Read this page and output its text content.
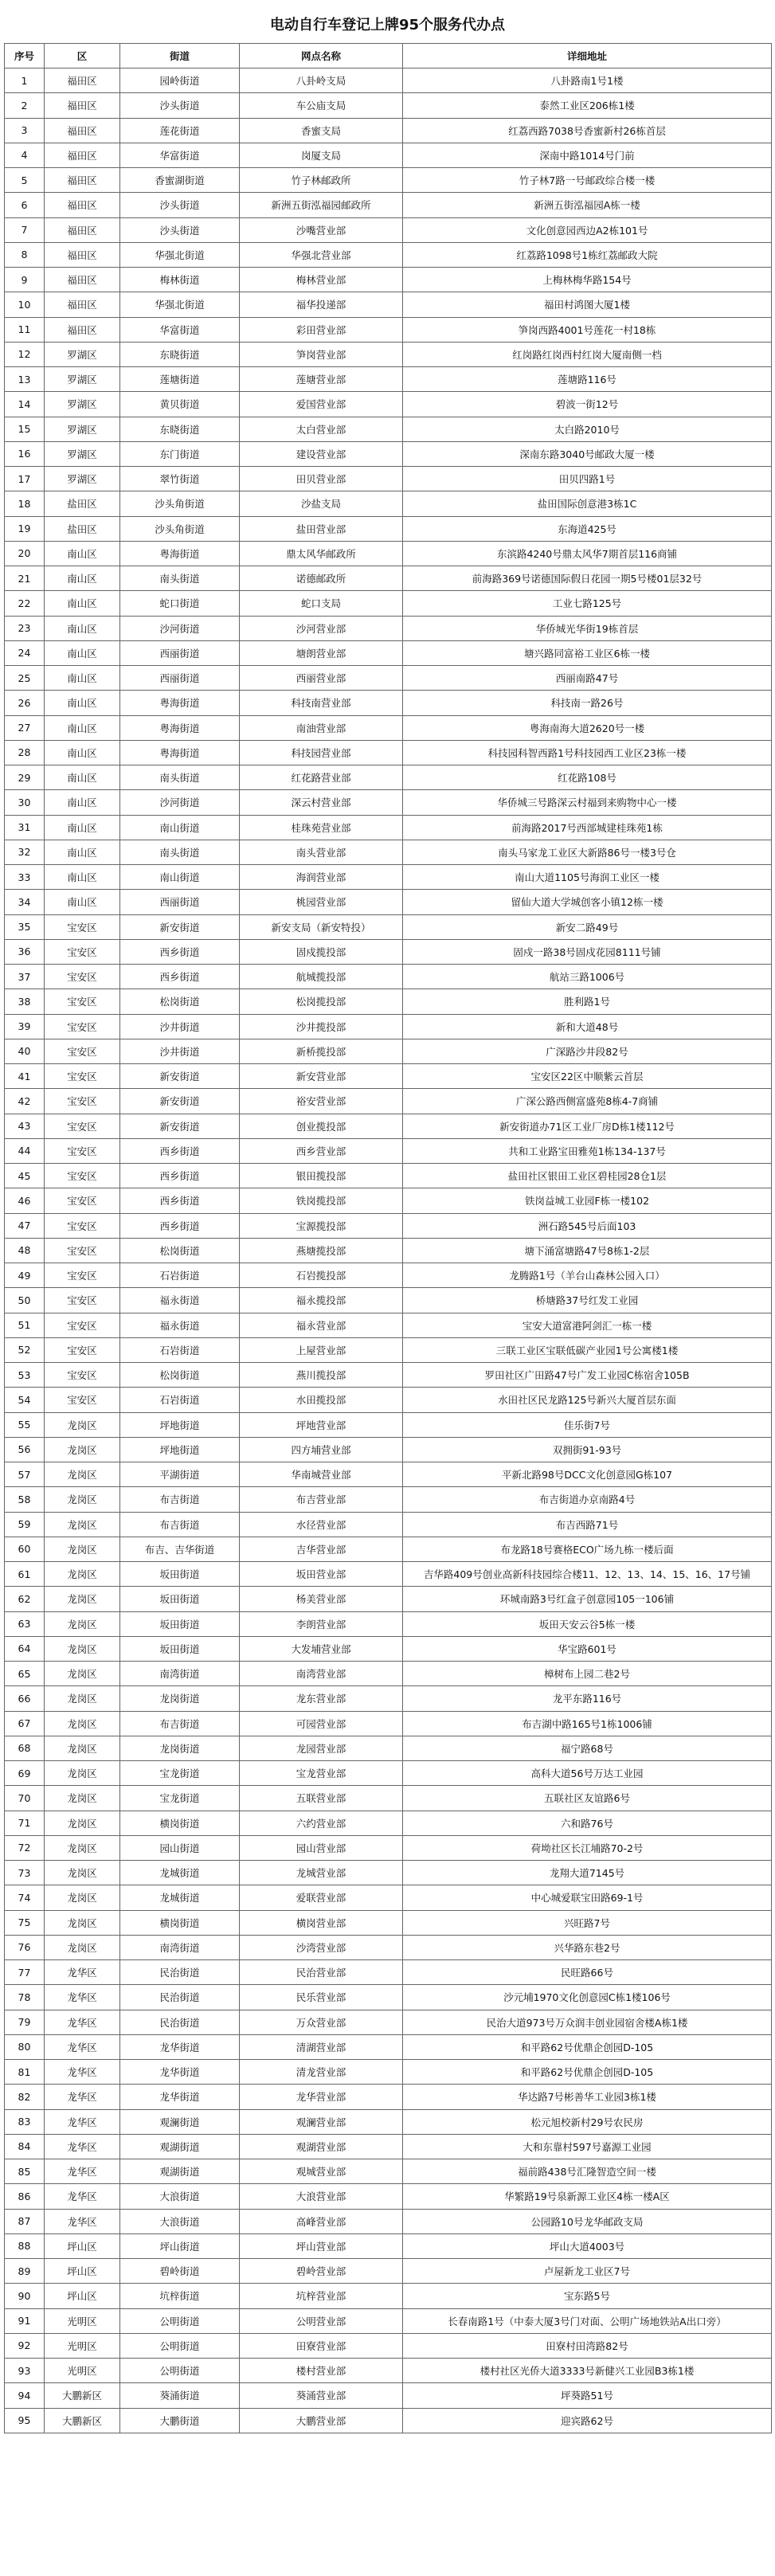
电动自行车登记上牌95个服务代办点
序号	区	街道	网点名称	详细地址
1	福田区	园岭街道	八卦岭支局	八卦路南1号1楼
2	福田区	沙头街道	车公庙支局	泰然工业区206栋1楼
3	福田区	莲花街道	香蜜支局	红荔西路7038号香蜜新村26栋首层
4	福田区	华富街道	岗厦支局	深南中路1014号门前
5	福田区	香蜜湖街道	竹子林邮政所	竹子林7路一号邮政综合楼一楼
6	福田区	沙头街道	新洲五街泓福园邮政所	新洲五街泓福园A栋一楼
7	福田区	沙头街道	沙嘴营业部	文化创意园西边A2栋101号
8	福田区	华强北街道	华强北营业部	红荔路1098号1栋红荔邮政大院
9	福田区	梅林街道	梅林营业部	上梅林梅华路154号
10	福田区	华强北街道	福华投递部	福田村鸿图大厦1楼
11	福田区	华富街道	彩田营业部	笋岗西路4001号莲花一村18栋
12	罗湖区	东晓街道	笋岗营业部	红岗路红岗西村红岗大厦南侧一档
13	罗湖区	莲塘街道	莲塘营业部	莲塘路116号
14	罗湖区	黄贝街道	爱国营业部	碧波一街12号
15	罗湖区	东晓街道	太白营业部	太白路2010号
16	罗湖区	东门街道	建设营业部	深南东路3040号邮政大厦一楼
17	罗湖区	翠竹街道	田贝营业部	田贝四路1号
18	盐田区	沙头角街道	沙盐支局	盐田国际创意港3栋1C
19	盐田区	沙头角街道	盐田营业部	东海道425号
20	南山区	粤海街道	鼎太风华邮政所	东滨路4240号鼎太风华7期首层116商铺
21	南山区	南头街道	诺德邮政所	前海路369号诺德国际假日花园一期5号楼01层32号
22	南山区	蛇口街道	蛇口支局	工业七路125号
23	南山区	沙河街道	沙河营业部	华侨城光华街19栋首层
24	南山区	西丽街道	塘朗营业部	塘兴路同富裕工业区6栋一楼
25	南山区	西丽街道	西丽营业部	西丽南路47号
26	南山区	粤海街道	科技南营业部	科技南一路26号
27	南山区	粤海街道	南油营业部	粤海南海大道2620号一楼
28	南山区	粤海街道	科技园营业部	科技园科智西路1号科技园西工业区23栋一楼
29	南山区	南头街道	红花路营业部	红花路108号
30	南山区	沙河街道	深云村营业部	华侨城三号路深云村福到来购物中心一楼
31	南山区	南山街道	桂珠苑营业部	前海路2017号西部城建桂珠苑1栋
32	南山区	南头街道	南头营业部	南头马家龙工业区大新路86号一楼3号仓
33	南山区	南山街道	海润营业部	南山大道1105号海润工业区一楼
34	南山区	西丽街道	桃园营业部	留仙大道大学城创客小镇12栋一楼
35	宝安区	新安街道	新安支局（新安特投）	新安二路49号
36	宝安区	西乡街道	固戍揽投部	固戍一路38号固戍花园8111号铺
37	宝安区	西乡街道	航城揽投部	航站三路1006号
38	宝安区	松岗街道	松岗揽投部	胜利路1号
39	宝安区	沙井街道	沙井揽投部	新和大道48号
40	宝安区	沙井街道	新桥揽投部	广深路沙井段82号
41	宝安区	新安街道	新安营业部	宝安区22区中顺紫云首层
42	宝安区	新安街道	裕安营业部	广深公路西侧富盛苑8栋4-7商铺
43	宝安区	新安街道	创业揽投部	新安街道办71区工业厂房D栋1楼112号
44	宝安区	西乡街道	西乡营业部	共和工业路宝田雅苑1栋134-137号
45	宝安区	西乡街道	银田揽投部	盐田社区银田工业区碧桂园28仓1层
46	宝安区	西乡街道	铁岗揽投部	铁岗益城工业园F栋一楼102
47	宝安区	西乡街道	宝源揽投部	洲石路545号后面103
48	宝安区	松岗街道	燕塘揽投部	塘下涌富塘路47号8栋1-2层
49	宝安区	石岩街道	石岩揽投部	龙腾路1号（羊台山森林公园入口）
50	宝安区	福永街道	福永揽投部	桥塘路37号红发工业园
51	宝安区	福永街道	福永营业部	宝安大道富港阿剑汇一栋一楼
52	宝安区	石岩街道	上屋营业部	三联工业区宝联低碳产业园1号公寓楼1楼
53	宝安区	松岗街道	燕川揽投部	罗田社区广田路47号广发工业园C栋宿舍105B
54	宝安区	石岩街道	水田揽投部	水田社区民龙路125号新兴大厦首层东面
55	龙岗区	坪地街道	坪地营业部	佳乐街7号
56	龙岗区	坪地街道	四方埔营业部	双拥街91-93号
57	龙岗区	平湖街道	华南城营业部	平新北路98号DCC文化创意园G栋107
58	龙岗区	布吉街道	布吉营业部	布吉街道办京南路4号
59	龙岗区	布吉街道	水径营业部	布吉西路71号
60	龙岗区	布吉、吉华街道	吉华营业部	布龙路18号赛格ECO广场九栋一楼后面
61	龙岗区	坂田街道	坂田营业部	吉华路409号创业高新科技园综合楼11、12、13、14、15、16、17号铺
62	龙岗区	坂田街道	杨美营业部	环城南路3号红盒子创意园105一106铺
63	龙岗区	坂田街道	李朗营业部	坂田天安云谷5栋一楼
64	龙岗区	坂田街道	大发埔营业部	华宝路601号
65	龙岗区	南湾街道	南湾营业部	樟树布上园二巷2号
66	龙岗区	龙岗街道	龙东营业部	龙平东路116号
67	龙岗区	布吉街道	可园营业部	布吉湖中路165号1栋1006铺
68	龙岗区	龙岗街道	龙园营业部	福宁路68号
69	龙岗区	宝龙街道	宝龙营业部	高科大道56号万达工业园
70	龙岗区	宝龙街道	五联营业部	五联社区友谊路6号
71	龙岗区	横岗街道	六约营业部	六和路76号
72	龙岗区	园山街道	园山营业部	荷坳社区长江埔路70-2号
73	龙岗区	龙城街道	龙城营业部	龙翔大道7145号
74	龙岗区	龙城街道	爱联营业部	中心城爱联宝田路69-1号
75	龙岗区	横岗街道	横岗营业部	兴旺路7号
76	龙岗区	南湾街道	沙湾营业部	兴华路东巷2号
77	龙华区	民治街道	民治营业部	民旺路66号
78	龙华区	民治街道	民乐营业部	沙元埔1970文化创意园C栋1楼106号
79	龙华区	民治街道	万众营业部	民治大道973号万众润丰创业园宿舍楼A栋1楼
80	龙华区	龙华街道	清湖营业部	和平路62号优鼎企创园D-105
81	龙华区	龙华街道	清龙营业部	和平路62号优鼎企创园D-105
82	龙华区	龙华街道	龙华营业部	华达路7号彬善华工业园3栋1楼
83	龙华区	观澜街道	观澜营业部	松元旭校新村29号农民房
84	龙华区	观湖街道	观湖营业部	大和东靠村597号嘉源工业园
85	龙华区	观湖街道	观城营业部	福前路438号汇隆智造空间一楼
86	龙华区	大浪街道	大浪营业部	华繁路19号泉新源工业区4栋一楼A区
87	龙华区	大浪街道	高峰营业部	公园路10号龙华邮政支局
88	坪山区	坪山街道	坪山营业部	坪山大道4003号
89	坪山区	碧岭街道	碧岭营业部	卢屋新龙工业区7号
90	坪山区	坑梓街道	坑梓营业部	宝东路5号
91	光明区	公明街道	公明营业部	长春南路1号（中泰大厦3号门对面、公明广场地铁站A出口旁）
92	光明区	公明街道	田寮营业部	田寮村田湾路82号
93	光明区	公明街道	楼村营业部	楼村社区光侨大道3333号新健兴工业园B3栋1楼
94	大鹏新区	葵涌街道	葵涌营业部	坪葵路51号
95	大鹏新区	大鹏街道	大鹏营业部	迎宾路62号
